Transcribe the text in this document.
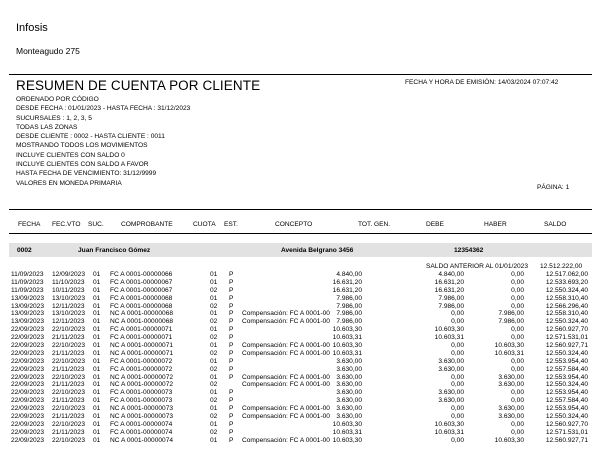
Infosis
Monteagudo 275
RESUMEN DE CUENTA POR CLIENTE	FECHA Y HORA DE EMISIÓN: 14/03/2024 07:07:42
ORDENADO POR CÓDIGO
DESDE FECHA : 01/01/2023 - HASTA FECHA : 31/12/2023
SUCURSALES : 1, 2, 3, 5
TODAS LAS ZONAS
DESDE CLIENTE : 0002 - HASTA CLIENTE : 0011
MOSTRANDO TODOS LOS MOVIMIENTOS
INCLUYE CLIENTES CON SALDO 0
INCLUYE CLIENTES CON SALDO A FAVOR
HASTA FECHA DE VENCIMIENTO: 31/12/9999
VALORES EN MONEDA PRIMARIA
PÁGINA: 1
FECHA FEC.VTO SUC.	COMPROBANTE	CUOTA EST.	CONCEPTO	TOT. GEN.	DEBE	HABER	SALDO
0002	Juan Francisco Gómez	Avenida Belgrano 3456	12354362
SALDO ANTERIOR AL 01/01/2023 12.512.222,00
11/09/2023 12/09/2023 01 FC A 0001-00000066	01 P	4.840,00	4.840,00	0,00	12.517.062,00
11/09/2023 11/10/2023 01 FC A 0001-00000067	01 P	16.631,20	16.631,20	0,00	12.533.693,20
11/09/2023 10/11/2023 01 FC A 0001-00000067	02 P	16.631,20	16.631,20	0,00	12.550.324,40
13/09/2023 13/10/2023 01 FC A 0001-00000068	01 P	7.986,00	7.986,00	0,00	12.558.310,40
13/09/2023 12/11/2023 01 FC A 0001-00000068	02 P	7.986,00	7.986,00	0,00	12.566.296,40
13/09/2023 13/10/2023 01 NC A 0001-00000068	01 P Compensación: FC A 0001-00 7.986,00	0,00	7.986,00	12.558.310,40
13/09/2023 12/11/2023 01 NC A 0001-00000068	02 P Compensación: FC A 0001-00 7.986,00	0,00	7.986,00	12.550.324,40
22/09/2023 22/10/2023 01 FC A 0001-00000071	01 P	10.603,30	10.603,30	0,00	12.560.927,70
22/09/2023 21/11/2023 01 FC A 0001-00000071	02 P	10.603,31	10.603,31	0,00	12.571.531,01
22/09/2023 22/10/2023 01 NC A 0001-00000071	01 P Compensación: FC A 0001-00 10.603,30	0,00	10.603,30	12.560.927,71
22/09/2023 21/11/2023 01 NC A 0001-00000071	02 P Compensación: FC A 0001-00 10.603,31	0,00	10.603,31	12.550.324,40
22/09/2023 22/10/2023 01 FC A 0001-00000072	01 P	3.630,00	3.630,00	0,00	12.553.954,40
22/09/2023 21/11/2023 01 FC A 0001-00000072	02 P	3.630,00	3.630,00	0,00	12.557.584,40
22/09/2023 22/10/2023 01 NC A 0001-00000072	01 P Compensación: FC A 0001-00 3.630,00	0,00	3.630,00	12.553.954,40
22/09/2023 21/11/2023 01 NC A 0001-00000072	02	Compensación: FC A 0001-00 3.630,00	0,00	3.630,00	12.550.324,40
22/09/2023 22/10/2023 01 FC A 0001-00000073	01 P	3.630,00	3.630,00	0,00	12.553.954,40
22/09/2023 21/11/2023 01 FC A 0001-00000073	02 P	3.630,00	3.630,00	0,00	12.557.584,40
22/09/2023 22/10/2023 01 NC A 0001-00000073	01 P Compensación: FC A 0001-00 3.630,00	0,00	3.630,00	12.553.954,40
22/09/2023 21/11/2023 01 NC A 0001-00000073	02 P Compensación: FC A 0001-00 3.630,00	0,00	3.630,00	12.550.324,40
22/09/2023 22/10/2023 01 FC A 0001-00000074	01 P	10.603,30	10.603,30	0,00	12.560.927,70
22/09/2023 21/11/2023 01 FC A 0001-00000074	02 P	10.603,31	10.603,31	0,00	12.571.531,01
22/09/2023 22/10/2023 01 NC A 0001-00000074	01 P Compensación: FC A 0001-00 10.603,30	0,00	10.603,30	12.560.927,71
